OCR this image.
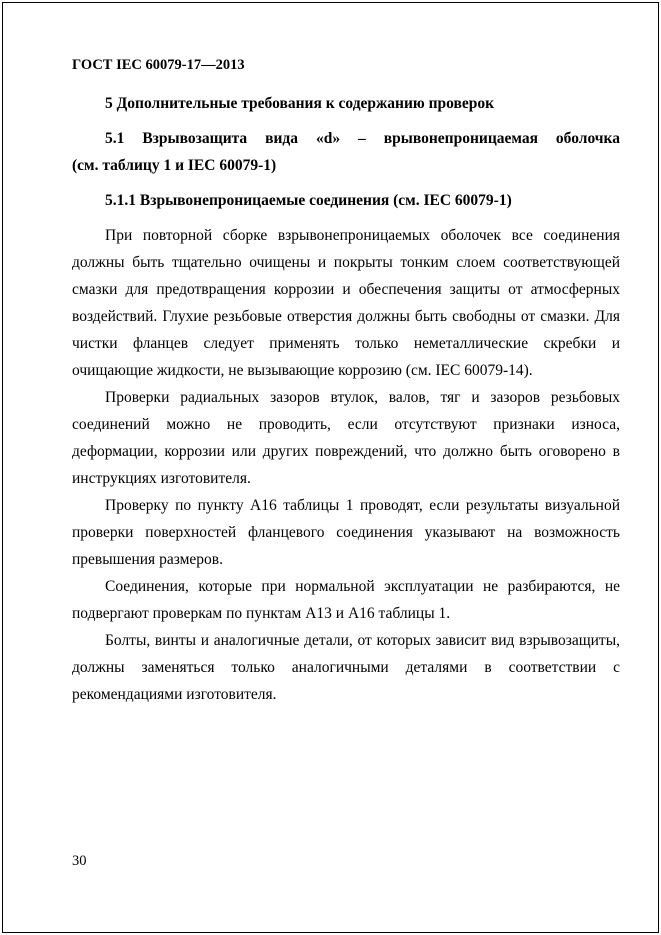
ГОСТ IEC 60079-17—2013
5 Дополнительные требования к содержанию проверок
5.1 Взрывозащита вида «d» – врывонепроницаемая оболочка
(см. таблицу 1 и IEC 60079-1)
5.1.1 Взрывонепроницаемые соединения (см. IEC 60079-1)

При повторной сборке взрывонепроницаемых оболочек все соединения должны быть тщательно очищены и покрыты тонким слоем соответствующей смазки для предотвращения коррозии и обеспечения защиты от атмосферных воздействий. Глухие резьбовые отверстия должны быть свободны от смазки. Для чистки фланцев следует применять только неметаллические скребки и очищающие жидкости, не вызывающие коррозию (см. IEC 60079-14).

Проверки радиальных зазоров втулок, валов, тяг и зазоров резьбовых соединений можно не проводить, если отсутствуют признаки износа, деформации, коррозии или других повреждений, что должно быть оговорено в инструкциях изготовителя.

Проверку по пункту А16 таблицы 1 проводят, если результаты визуальной проверки поверхностей фланцевого соединения указывают на возможность превышения размеров.

Соединения, которые при нормальной эксплуатации не разбираются, не подвергают проверкам по пунктам А13 и А16 таблицы 1.

Болты, винты и аналогичные детали, от которых зависит вид взрывозащиты, должны заменяться только аналогичными деталями в соответствии с рекомендациями изготовителя.

30
